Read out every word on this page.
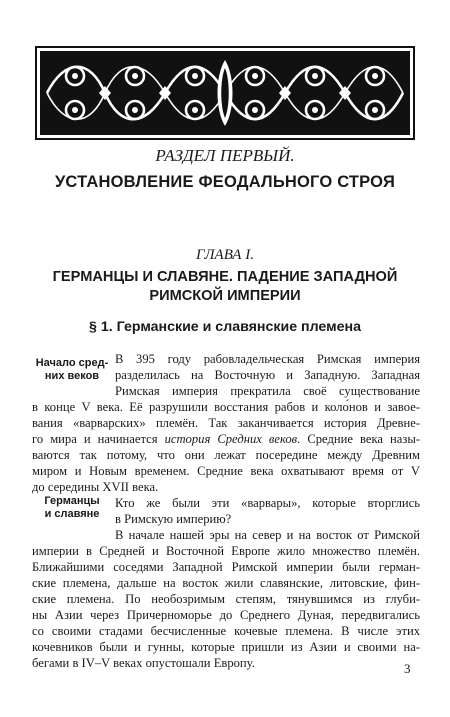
РАЗДЕЛ ПЕРВЫЙ.
УСТАНОВЛЕНИЕ ФЕОДАЛЬНОГО СТРОЯ
ГЛАВА I.
ГЕРМАНЦЫ И СЛАВЯНЕ. ПАДЕНИЕ ЗАПАДНОЙ
РИМСКОЙ ИМПЕРИИ
§ 1. Германские и славянские племена
Начало сред-
них веков
Германцы
и славяне
В 395 году рабовладельческая Римская империя
разделилась на Восточную и Западную. Западная
Римская империя прекратила своё существование
в конце V века. Её разрушили восстания рабов и коло́нов и завое-
вания «варварских» племён. Так заканчивается история Древне-
го мира и начинается история Средних веков. Средние века назы-
ваются так потому, что они лежат посередине между Древним
миром и Новым временем. Средние века охватывают время от V
до середины XVII века.
Кто же были эти «варвары», которые вторглись
в Римскую империю?
В начале нашей эры на север и на восток от Римской
империи в Средней и Восточной Европе жило множество племён.
Ближайшими соседями Западной Римской империи были герман-
ские племена, дальше на восток жили славянские, литовские, фин-
ские племена. По необозримым степям, тянувшимся из глуби-
ны Азии через Причерноморье до Среднего Дуная, передвигались
со своими стадами бесчисленные кочевые племена. В числе этих
кочевников были и гунны, которые пришли из Азии и своими на-
бегами в IV–V веках опустошали Европу.	3
